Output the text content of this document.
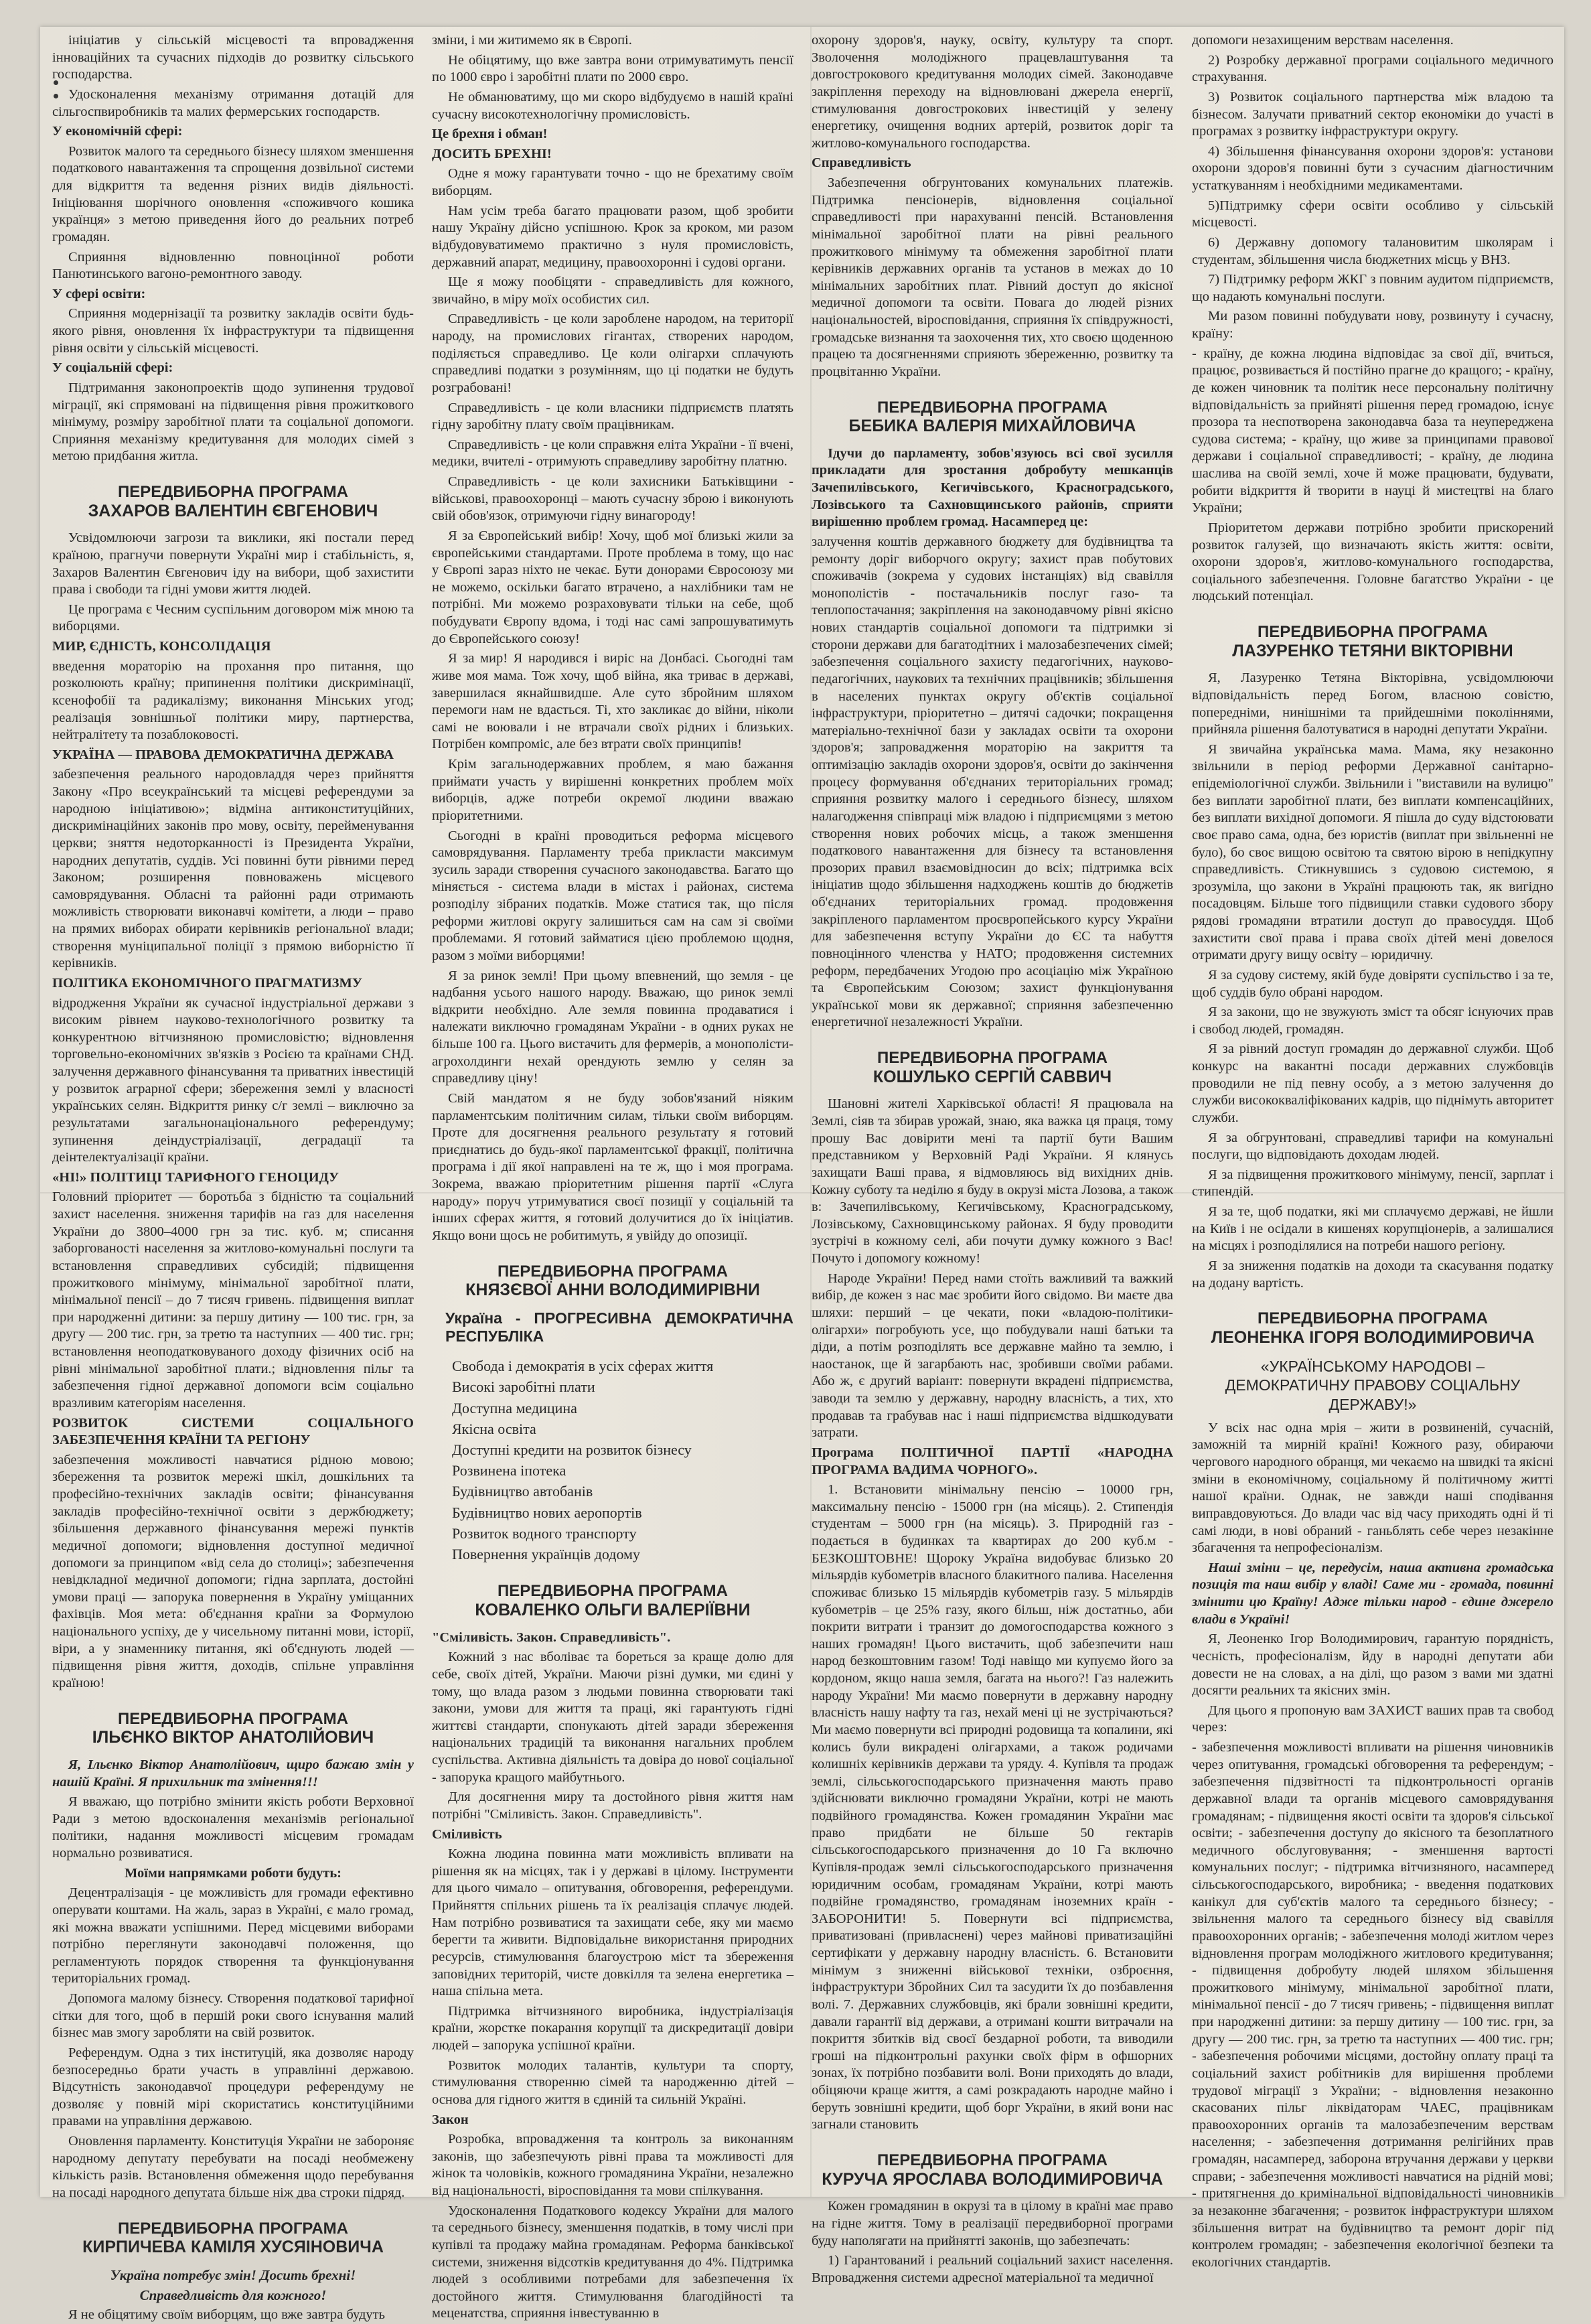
ініціатив у сільській місцевості та впровадження інноваційних та сучасних підходів до розвитку сільського господарства.

Удосконалення механізму отримання дотацій для сільгоспвиробників та малих фермерських господарств.

У економічній сфері:

Розвиток малого та середнього бізнесу шляхом зменшення податкового навантаження та спрощення дозвільної системи для відкриття та ведення різних видів діяльності. Ініціювання шорічного оновлення «споживчого кошика українця» з метою приведення його до реальних потреб громадян.

Сприяння відновленню повноцінної роботи Панютинського вагоно-ремонтного заводу.

У сфері освіти:

Сприяння модернізації та розвитку закладів освіти будь-якого рівня, оновлення їх інфраструктури та підвищення рівня освіти у сільській місцевості.

У соціальній сфері:

Підтримання законопроектів щодо зупинення трудової міграції, які спрямовані на підвищення рівня прожиткового мінімуму, розміру заробітної плати та соціальної допомоги. Сприяння механізму кредитування для молодих сімей з метою придбання житла.

ПЕРЕДВИБОРНА ПРОГРАМА
ЗАХАРОВ ВАЛЕНТИН ЄВГЕНОВИЧ

Усвідомлюючи загрози та виклики, які постали перед країною, прагнучи повернути Україні мир і стабільність, я, Захаров Валентин Євгенович іду на вибори, щоб захистити права і свободи та гідні умови життя людей.

Це програма є Чесним суспільним договором між мною та виборцями.

МИР, ЄДНІСТЬ, КОНСОЛІДАЦІЯ

введення мораторію на прохання про питання, що розколюють країну; припинення політики дискримінації, ксенофобії та радикалізму; виконання Мінських угод; реалізація зовнішньої політики миру, партнерства, нейтралітету та позаблоковості.

УКРАЇНА — ПРАВОВА ДЕМОКРАТИЧНА ДЕРЖАВА

забезпечення реального народовладдя через прийняття Закону «Про всеукраїнський та місцеві референдуми за народною ініціативою»; відміна антиконституційних, дискримінаційних законів про мову, освіту, перейменування церкви; зняття недоторканності із Президента України, народних депутатів, суддів. Усі повинні бути рівними перед Законом; розширення повноважень місцевого самоврядування. Обласні та районні ради отримають можливість створювати виконавчі комітети, а люди – право на прямих виборах обирати керівників регіональної влади; створення муніципальної поліції з прямою виборністю її керівників.

ПОЛІТИКА ЕКОНОМІЧНОГО ПРАГМАТИЗМУ

відродження України як сучасної індустріальної держави з високим рівнем науково-технологічного розвитку та конкурентною вітчизняною промисловістю; відновлення торговельно-економічних зв'язків з Росією та країнами СНД. залучення державного фінансування та приватних інвестицій у розвиток аграрної сфери; збереження землі у власності українських селян. Відкриття ринку с/г землі – виключно за результатами загальнонаціонального референдуму; зупинення деіндустріалізації, деградації та деінтелектуалізації країни.

«НІ!» ПОЛІТИЦІ ТАРИФНОГО ГЕНОЦИДУ

Головний пріоритет — боротьба з бідністю та соціальний захист населення. зниження тарифів на газ для населення України до 3800–4000 грн за тис. куб. м; списання заборгованості населення за житлово-комунальні послуги та встановлення справедливих субсидій; підвищення прожиткового мінімуму, мінімальної заробітної плати, мінімальної пенсії – до 7 тисяч гривень. підвищення виплат при народженні дитини: за першу дитину — 100 тис. грн, за другу — 200 тис. грн, за третю та наступних — 400 тис. грн; встановлення неоподатковуваного доходу фізичних осіб на рівні мінімальної заробітної плати.; відновлення пільг та забезпечення гідної державної допомоги всім соціально вразливим категоріям населення.

РОЗВИТОК СИСТЕМИ СОЦІАЛЬНОГО ЗАБЕЗПЕЧЕННЯ КРАЇНИ ТА РЕГІОНУ

забезпечення можливості навчатися рідною мовою; збереження та розвиток мережі шкіл, дошкільних та професійно-технічних закладів освіти; фінансування закладів професійно-технічної освіти з держбюджету; збільшення державного фінансування мережі пунктів медичної допомоги; відновлення доступної медичної допомоги за принципом «від села до столиці»; забезпечення невідкладної медичної допомоги; гідна зарплата, достойні умови праці — запорука повернення в Україну уміщанних фахівців. Моя мета: об'єднання країни за Формулою національного успіху, де у чисельному питанні мови, історії, віри, а у знаменнику питання, які об'єднують людей — підвищення рівня життя, доходів, спільне управління країною!

ПЕРЕДВИБОРНА ПРОГРАМА
ІЛЬЄНКО ВІКТОР АНАТОЛІЙОВИЧ

Я, Ільєнко Віктор Анатолійович, щиро бажаю змін у нашій Країні. Я прихильник та змінення!!!

Я вважаю, що потрібно змінити якість роботи Верховної Ради з метою вдосконалення механізмів регіональної політики, надання можливості місцевим громадам нормально розвиватися.

Моїми напрямками роботи будуть:

Децентралізація - це можливість для громади ефективно оперувати коштами. На жаль, зараз в Україні, є мало громад, які можна вважати успішними. Перед місцевими виборами потрібно переглянути законодавчі положення, що регламентують порядок створення та функціонування територіальних громад.

Допомога малому бізнесу. Створення податкової тарифної сітки для того, щоб в першій роки свого існування малий бізнес мав змогу заробляти на свій розвиток.

Референдум. Одна з тих інституцій, яка дозволяє народу безпосередньо брати участь в управлінні державою. Відсутність законодавчої процедури референдуму не дозволяє у повній мірі скористатись конституційними правами на управління державою.

Оновлення парламенту. Конституція України не забороняє народному депутату перебувати на посаді необмежену кількість разів. Встановлення обмеження щодо перебування на посаді народного депутата більше ніж два строки підряд.

ПЕРЕДВИБОРНА ПРОГРАМА
КИРПИЧЕВА КАМІЛЯ ХУСЯІНОВИЧА
Україна потребує змін! Досить брехні!
Справедливість для кожного!

Я не обіцятиму своїм виборцям, що вже завтра будуть

зміни, і ми житимемо як в Європі.

Не обіцятиму, що вже завтра вони отримуватимуть пенсії по 1000 євро і заробітні плати по 2000 євро.

Не обманюватиму, що ми скоро відбудуємо в нашій країні сучасну високотехнологічну промисловість.

Це брехня і обман!

ДОСИТЬ БРЕХНІ!

Одне я можу гарантувати точно - що не брехатиму своїм виборцям.

Нам усім треба багато працювати разом, щоб зробити нашу Україну дійсно успішною. Крок за кроком, ми разом відбудовуватимемо практично з нуля промисловість, державний апарат, медицину, правоохоронні і судові органи.

Ще я можу пообіцяти - справедливість для кожного, звичайно, в міру моїх особистих сил.

Справедливість - це коли зароблене народом, на території народу, на промислових гігантах, створених народом, поділяється справедливо. Це коли олігархи сплачують справедливі податки з розумінням, що ці податки не будуть розграбовані!

Справедливість - це коли власники підприємств платять гідну заробітну плату своїм працівникам.

Справедливість - це коли справжня еліта України - її вчені, медики, вчителі - отримують справедливу заробітну платню.

Справедливість - це коли захисники Батьківщини - військові, правоохоронці – мають сучасну зброю і виконують свій обов'язок, отримуючи гідну винагороду!

Я за Європейський вибір! Хочу, щоб мої близькі жили за європейськими стандартами. Проте проблема в тому, що нас у Європі зараз ніхто не чекає. Бути донорами Євросоюзу ми не можемо, оскільки багато втрачено, а нахлібники там не потрібні. Ми можемо розраховувати тільки на себе, щоб побудувати Європу вдома, і тоді нас самі запрошуватимуть до Європейського союзу!

Я за мир! Я народився і виріс на Донбасі. Сьогодні там живе моя мама. Тож хочу, щоб війна, яка триває в державі, завершилася якнайшвидше. Але суто збройним шляхом перемоги нам не вдасться. Ті, хто закликає до війни, ніколи самі не воювали і не втрачали своїх рідних і близьких. Потрібен компроміс, але без втрати своїх принципів!

Крім загальнодержавних проблем, я маю бажання приймати участь у вирішенні конкретних проблем моїх виборців, адже потреби окремої людини вважаю пріоритетними.

Сьогодні в країні проводиться реформа місцевого самоврядування. Парламенту треба прикласти максимум зусиль заради створення сучасного законодавства. Багато що міняється - система влади в містах і районах, система розподілу зібраних податків. Може статися так, що після реформи житлові округу залишиться сам на сам зі своїми проблемами. Я готовий займатися цією проблемою щодня, разом з моїми виборцями!

Я за ринок землі! При цьому впевнений, що земля - це надбання усього нашого народу. Вважаю, що ринок землі відкрити необхідно. Але земля повинна продаватися і належати виключно громадянам України - в одних руках не більше 100 га. Цього вистачить для фермерів, а монополісти-агрохолдинги нехай орендують землю у селян за справедливу ціну!

Свій мандатом я не буду зобов'язаний ніяким парламентським політичним силам, тільки своїм виборцям. Проте для досягнення реального результату я готовий приєднатись до будь-якої парламентської фракції, політична програма і дії якої направлені на те ж, що і моя програма. Зокрема, вважаю пріоритетним рішення партії «Слуга народу» поруч утримуватися своєї позиції у соціальній та інших сферах життя, я готовий долучитися до їх ініціатив. Якщо вони щось не робитимуть, я увійду до опозиції.

ПЕРЕДВИБОРНА ПРОГРАМА
КНЯЗЄВОЇ АННИ ВОЛОДИМИРІВНИ
Україна - ПРОГРЕСИВНА ДЕМОКРАТИЧНА РЕСПУБЛІКА
Свобода і демократія в усіх сферах життя
Високі заробітні плати
Доступна медицина
Якісна освіта
Доступні кредити на розвиток бізнесу
Розвинена іпотека
Будівництво автобанів
Будівництво нових аеропортів
Розвиток водного транспорту
Повернення українців додому
ПЕРЕДВИБОРНА ПРОГРАМА
КОВАЛЕНКО ОЛЬГИ ВАЛЕРІЇВНИ

"Сміливість. Закон. Справедливість".

Кожний з нас вболіває та бореться за краще долю для себе, своїх дітей, України. Маючи різні думки, ми єдині у тому, що влада разом з людьми повинна створювати такі закони, умови для життя та праці, які гарантують гідні життєві стандарти, спонукають дітей заради збереження національних традицій та виконання нагальних проблем суспільства. Активна діяльність та довіра до нової соціальної - запорука кращого майбутнього.

Для досягнення миру та достойного рівня життя нам потрібні "Сміливість. Закон. Справедливість".

Сміливість

Кожна людина повинна мати можливість впливати на рішення як на місцях, так і у державі в цілому. Інструменти для цього чимало – опитування, обговорення, референдуми. Прийняття спільних рішень та їх реалізація сплачує людей. Нам потрібно розвиватися та захищати себе, яку ми маємо берегти та живити. Відповідальне використання природних ресурсів, стимулювання благоустрою міст та збереження заповідних територій, чисте довкілля та зелена енергетика – наша спільна мета.

Підтримка вітчизняного виробника, індустріалізація країни, жорстке покарання корупції та дискредитації довіри людей – запорука успішної країни.

Розвиток молодих талантів, культури та спорту, стимулювання створенню сімей та народженню дітей – основа для гідного життя в єдиній та сильній Україні.

Закон

Розробка, впровадження та контроль за виконанням законів, що забезпечують рівні права та можливості для жінок та чоловіків, кожного громадянина України, незалежно від національності, віросповідання та мови спілкування.

Удосконалення Податкового кодексу України для малого та середнього бізнесу, зменшення податків, в тому числі при купівлі та продажу майна громадянам. Реформа банківської системи, зниження відсотків кредитування до 4%. Підтримка людей з особливими потребами для забезпечення їх достойного життя. Стимулювання благодійності та меценатства, сприяння інвестуванню в

охорону здоров'я, науку, освіту, культуру та спорт. Зволочення молодіжного працевлаштування та довгострокового кредитування молодих сімей. Законодавче закріплення переходу на відновлювані джерела енергії, стимулювання довгострокових інвестицій у зелену енергетику, очищення водних артерій, розвиток доріг та житлово-комунального господарства.

Справедливість

Забезпечення обгрунтованих комунальних платежів. Підтримка пенсіонерів, відновлення соціальної справедливості при нарахуванні пенсій. Встановлення мінімальної заробітної плати на рівні реального прожиткового мінімуму та обмеження заробітної плати керівників державних органів та установ в межах до 10 мінімальних заробітних плат. Рівний доступ до якісної медичної допомоги та освіти. Повага до людей різних національностей, віросповідання, сприяння їх співдружності, громадське визнання та заохочення тих, хто своєю щоденною працею та досягненнями сприяють збереженню, розвитку та процвітанню України.

ПЕРЕДВИБОРНА ПРОГРАМА
БЕБИКА ВАЛЕРІЯ МИХАЙЛОВИЧА

Ідучи до парламенту, зобов'язуюсь всі свої зусилля прикладати для зростання добробуту мешканців Зачепилівського, Кегичівського, Красноградського, Лозівського та Сахновщинського районів, сприяти вирішенню проблем громад. Насамперед це:

залучення коштів державного бюджету для будівництва та ремонту доріг виборчого округу; захист прав побутових споживачів (зокрема у судових інстанціях) від свавілля монополістів - постачальників послуг газо- та теплопостачання; закріплення на законодавчому рівні якісно нових стандартів соціальної допомоги та підтримки зі сторони держави для багатодітних і малозабезпечених сімей; забезпечення соціального захисту педагогічних, науково-педагогічних, наукових та технічних працівників; збільшення в населених пунктах округу об'єктів соціальної інфраструктури, пріоритетно – дитячі садочки; покращення матеріально-технічної бази у закладах освіти та охорони здоров'я; запровадження мораторію на закриття та оптимізацію закладів охорони здоров'я, освіти до закінчення процесу формування об'єднаних територіальних громад; сприяння розвитку малого і середнього бізнесу, шляхом налагодження співпраці між владою і підприємцями з метою створення нових робочих місць, а також зменшення податкового навантаження для бізнесу та встановлення прозорих правил взаємовідносин до всіх; підтримка всіх ініціатив щодо збільшення надходжень коштів до бюджетів об'єднаних територіальних громад. продовження закріпленого парламентом проєвропейського курсу України для забезпечення вступу України до ЄС та набуття повноцінного членства у НАТО; продовження системних реформ, передбачених Угодою про асоціацію між Україною та Європейським Союзом; захист функціонування української мови як державної; сприяння забезпеченню енергетичної незалежності України.

ПЕРЕДВИБОРНА ПРОГРАМА
КОШУЛЬКО СЕРГІЙ САВВИЧ

Шановні жителі Харківської області! Я працювала на Землі, сіяв та збирав урожай, знаю, яка важка ця праця, тому прошу Вас довірити мені та партії бути Вашим представником у Верховній Раді України. Я клянусь захищати Ваші права, я відмовляюсь від вихідних днів. Кожну суботу та неділю я буду в окрузі міста Лозова, а також в: Зачепилівському, Кегичівському, Красноградському, Лозівському, Сахновщинському районах. Я буду проводити зустрічі в кожному селі, аби почути думку кожного з Вас! Почуто і допомогу кожному!

Народе України! Перед нами стоїть важливий та важкий вибір, де кожен з нас має зробити його свідомо. Ви маєте два шляхи: перший – це чекати, поки «владою-політики-олігархи» погробують усе, що побудували наші батьки та діди, а потім розподілять все державне майно та землю, і наостанок, ще й загарбають нас, зробивши своїми рабами. Або ж, є другий варіант: повернути вкрадені підприємства, заводи та землю у державну, народну власність, а тих, хто продавав та грабував нас і наші підприємства відшкодувати затрати.

Програма ПОЛІТИЧНОЇ ПАРТІЇ «НАРОДНА ПРОГРАМА ВАДИМА ЧОРНОГО».

1. Встановити мінімальну пенсію – 10000 грн, максимальну пенсію - 15000 грн (на місяць). 2. Стипендія студентам – 5000 грн (на місяць). 3. Природній газ - подається в будинках та квартирах до 200 куб.м - БЕЗКОШТОВНЕ! Щороку Україна видобуває близько 20 мільярдів кубометрів власного блакитного палива. Населення споживає близько 15 мільярдів кубометрів газу. 5 мільярдів кубометрів – це 25% газу, якого більш, ніж достатньо, аби покрити витрати і транзит до домогосподарства кожного з наших громадян! Цього вистачить, щоб забезпечити наш народ безкоштовним газом! Тоді навіщо ми купуємо його за кордоном, якщо наша земля, багата на нього?! Газ належить народу України! Ми маємо повернути в державну народну власність нашу нафту та газ, нехай мені ці не зустрічаються? Ми маємо повернути всі природні родовища та копалини, які колись були викрадені олігархами, а також родичами колишніх керівників держави та уряду. 4. Купівля та продаж землі, сільськогосподарського призначення мають право здійснювати виключно громадяни України, котрі не мають подвійного громадянства. Кожен громадянин України має право придбати не більше 50 гектарів сільськогосподарського призначення до 10 Га включно Купівля-продаж землі сільськогосподарського призначення юридичним особам, громадянам України, котрі мають подвійне громадянство, громадянам іноземних країн - ЗАБОРОНИТИ! 5. Повернути всі підприємства, приватизовані (привласнені) через майнові приватизаційні сертифікати у державну народну власність. 6. Встановити мінімум з зниженні військової техніки, озброєння, інфраструктури Збройних Сил та засудити їх до позбавлення волі. 7. Державних службовців, які брали зовнішні кредити, давали гарантії від держави, а отримані кошти витрачали на покриття збитків від своєї бездарної роботи, та виводили гроші на підконтрольні рахунки своїх фірм в офшорних зонах, їх потрібно позбавити волі. Вони приходять до влади, обіцяючи краще життя, а самі розкрадають народне майно і беруть зовнішні кредити, щоб борг України, в який вони нас загнали становить

ПЕРЕДВИБОРНА ПРОГРАМА
КУРУЧА ЯРОСЛАВА ВОЛОДИМИРОВИЧА

Кожен громадянин в окрузі та в цілому в країні має право на гідне життя. Тому в реалізації передвиборної програми буду наполягати на прийнятті законів, що забезпечать:

1) Гарантований і реальний соціальний захист населення. Впровадження системи адресної матеріальної та медичної

допомоги незахищеним верствам населення.

2) Розробку державної програми соціального медичного страхування.

3) Розвиток соціального партнерства між владою та бізнесом. Залучати приватний сектор економіки до участі в програмах з розвитку інфраструктури округу.

4) Збільшення фінансування охорони здоров'я: установи охорони здоров'я повинні бути з сучасним діагностичним устаткуванням і необхідними медикаментами.

5)Підтримку сфери освіти особливо у сільській місцевості.

6) Державну допомогу талановитим школярам і студентам, збільшення числа бюджетних місць у ВНЗ.

7) Підтримку реформ ЖКГ з повним аудитом підприємств, що надають комунальні послуги.

Ми разом повинні побудувати нову, розвинуту і сучасну, країну:

- країну, де кожна людина відповідає за свої дії, вчиться, працює, розвивається й постійно прагне до кращого; - країну, де кожен чиновник та політик несе персональну політичну відповідальність за прийняті рішення перед громадою, існує прозора та неспотворена законодавча база та неупереджена судова система; - країну, що живе за принципами правової держави і соціальної справедливості; - країну, де людина шаслива на своїй землі, хоче й може працювати, будувати, робити відкриття й творити в науці й мистецтві на благо України;

Пріоритетом держави потрібно зробити прискорений розвиток галузей, що визначають якість життя: освіти, охорони здоров'я, житлово-комунального господарства, соціального забезпечення. Головне багатство України - це людський потенціал.

ПЕРЕДВИБОРНА ПРОГРАМА
ЛАЗУРЕНКО ТЕТЯНИ ВІКТОРІВНИ

Я, Лазуренко Тетяна Вікторівна, усвідомлюючи відповідальність перед Богом, власною совістю, попередніми, нинішніми та прийдешніми поколіннями, прийняла рішення балотуватися в народні депутати України.

Я звичайна українська мама. Мама, яку незаконно звільнили в період реформи Державної санітарно-епідеміологічної служби. Звільнили і "виставили на вулицю" без виплати заробітної плати, без виплати компенсаційних, без виплати вихідної допомоги. Я пішла до суду відстоювати своє право сама, одна, без юристів (виплат при звільненні не було), бо своє вищою освітою та святою вірою в непідкупну справедливість. Стикнувшись з судовою системою, я зрозуміла, що закони в Україні працюють так, як вигідно посадовцям. Більше того підвищили ставки судового збору рядові громадяни втратили доступ до правосуддя. Щоб захистити свої права і права своїх дітей мені довелося отримати другу вищу освіту – юридичну.

Я за судову систему, якій буде довіряти суспільство і за те, щоб суддів було обрані народом.

Я за закони, що не звужують зміст та обсяг існуючих прав і свобод людей, громадян.

Я за рівний доступ громадян до державної служби. Щоб конкурс на вакантні посади державних службовців проводили не під певну особу, а з метою залучення до служби висококваліфікованих кадрів, що піднімуть авторитет служби.

Я за обгрунтовані, справедливі тарифи на комунальні послуги, що відповідають доходам людей.

Я за підвищення прожиткового мінімуму, пенсії, зарплат і стипендій.

Я за те, щоб податки, які ми сплачуємо державі, не йшли на Київ і не осідали в кишенях корупціонерів, а залишалися на місцях і розподілялися на потреби нашого регіону.

Я за зниження податків на доходи та скасування податку на додану вартість.

ПЕРЕДВИБОРНА ПРОГРАМА
ЛЕОНЕНКА ІГОРЯ ВОЛОДИМИРОВИЧА
«УКРАЇНСЬКОМУ НАРОДОВІ – ДЕМОКРАТИЧНУ ПРАВОВУ СОЦІАЛЬНУ ДЕРЖАВУ!»

У всіх нас одна мрія – жити в розвиненій, сучасній, заможній та мирній країні! Кожного разу, обираючи чергового народного обранця, ми чекаємо на швидкі та якісні зміни в економічному, соціальному й політичному житті нашої країни. Однак, не завжди наші сподівання виправдовуються. До влади час від часу приходять одні й ті самі люди, в нові обраний - ганьблять себе через незакінне збагачення та непрофесіоналізм.

Наші зміни – це, передусім, наша активна громадська позиція та наш вибір у владі! Саме ми - громада, повинні змінити цю Країну! Адже тільки народ - єдине джерело влади в Україні!

Я, Леоненко Ігор Володимирович, гарантую порядність, чесність, професіоналізм, йду в народні депутати аби довести не на словах, а на ділі, що разом з вами ми здатні досягти реальних та якісних змін.

Для цього я пропоную вам ЗАХИСТ ваших прав та свобод через:

- забезпечення можливості впливати на рішення чиновників через опитування, громадські обговорення та референдум; - забезпечення підзвітності та підконтрольності органів державної влади та органів місцевого самоврядування громадянам; - підвищення якості освіти та здоров'я сільської освіти; - забезпечення доступу до якісного та безоплатного медичного обслуговування; - зменшення вартості комунальних послуг; - підтримка вітчизняного, насамперед сільськогосподарського, виробника; - введення податкових канікул для суб'єктів малого та середнього бізнесу; - звільнення малого та середнього бізнесу від свавілля правоохоронних органів; - забезпечення молоді житлом через відновлення програм молодіжного житлового кредитування; - підвищення добробуту людей шляхом збільшення прожиткового мінімуму, мінімальної заробітної плати, мінімальної пенсії - до 7 тисяч гривень; - підвищення виплат при народженні дитини: за першу дитину — 100 тис. грн, за другу — 200 тис. грн, за третю та наступних — 400 тис. грн; - забезпечення робочими місцями, достойну оплату праці та соціальний захист робітників для вирішення проблеми трудової міграції з України; - відновлення незаконно скасованих пільг ліквідаторам ЧАЕС, працівникам правоохоронних органів та малозабезпеченим верствам населення; - забезпечення дотримання релігійних прав громадян, насамперед, заборона втручання держави у церкви справи; - забезпечення можливості навчатися на рідній мові; - притягнення до кримінальної відповідальності чиновників за незаконне збагачення; - розвиток інфраструктури шляхом збільшення витрат на будівництво та ремонт доріг під контролем громадян; - забезпечення екологічної безпеки та екологічних стандартів.
